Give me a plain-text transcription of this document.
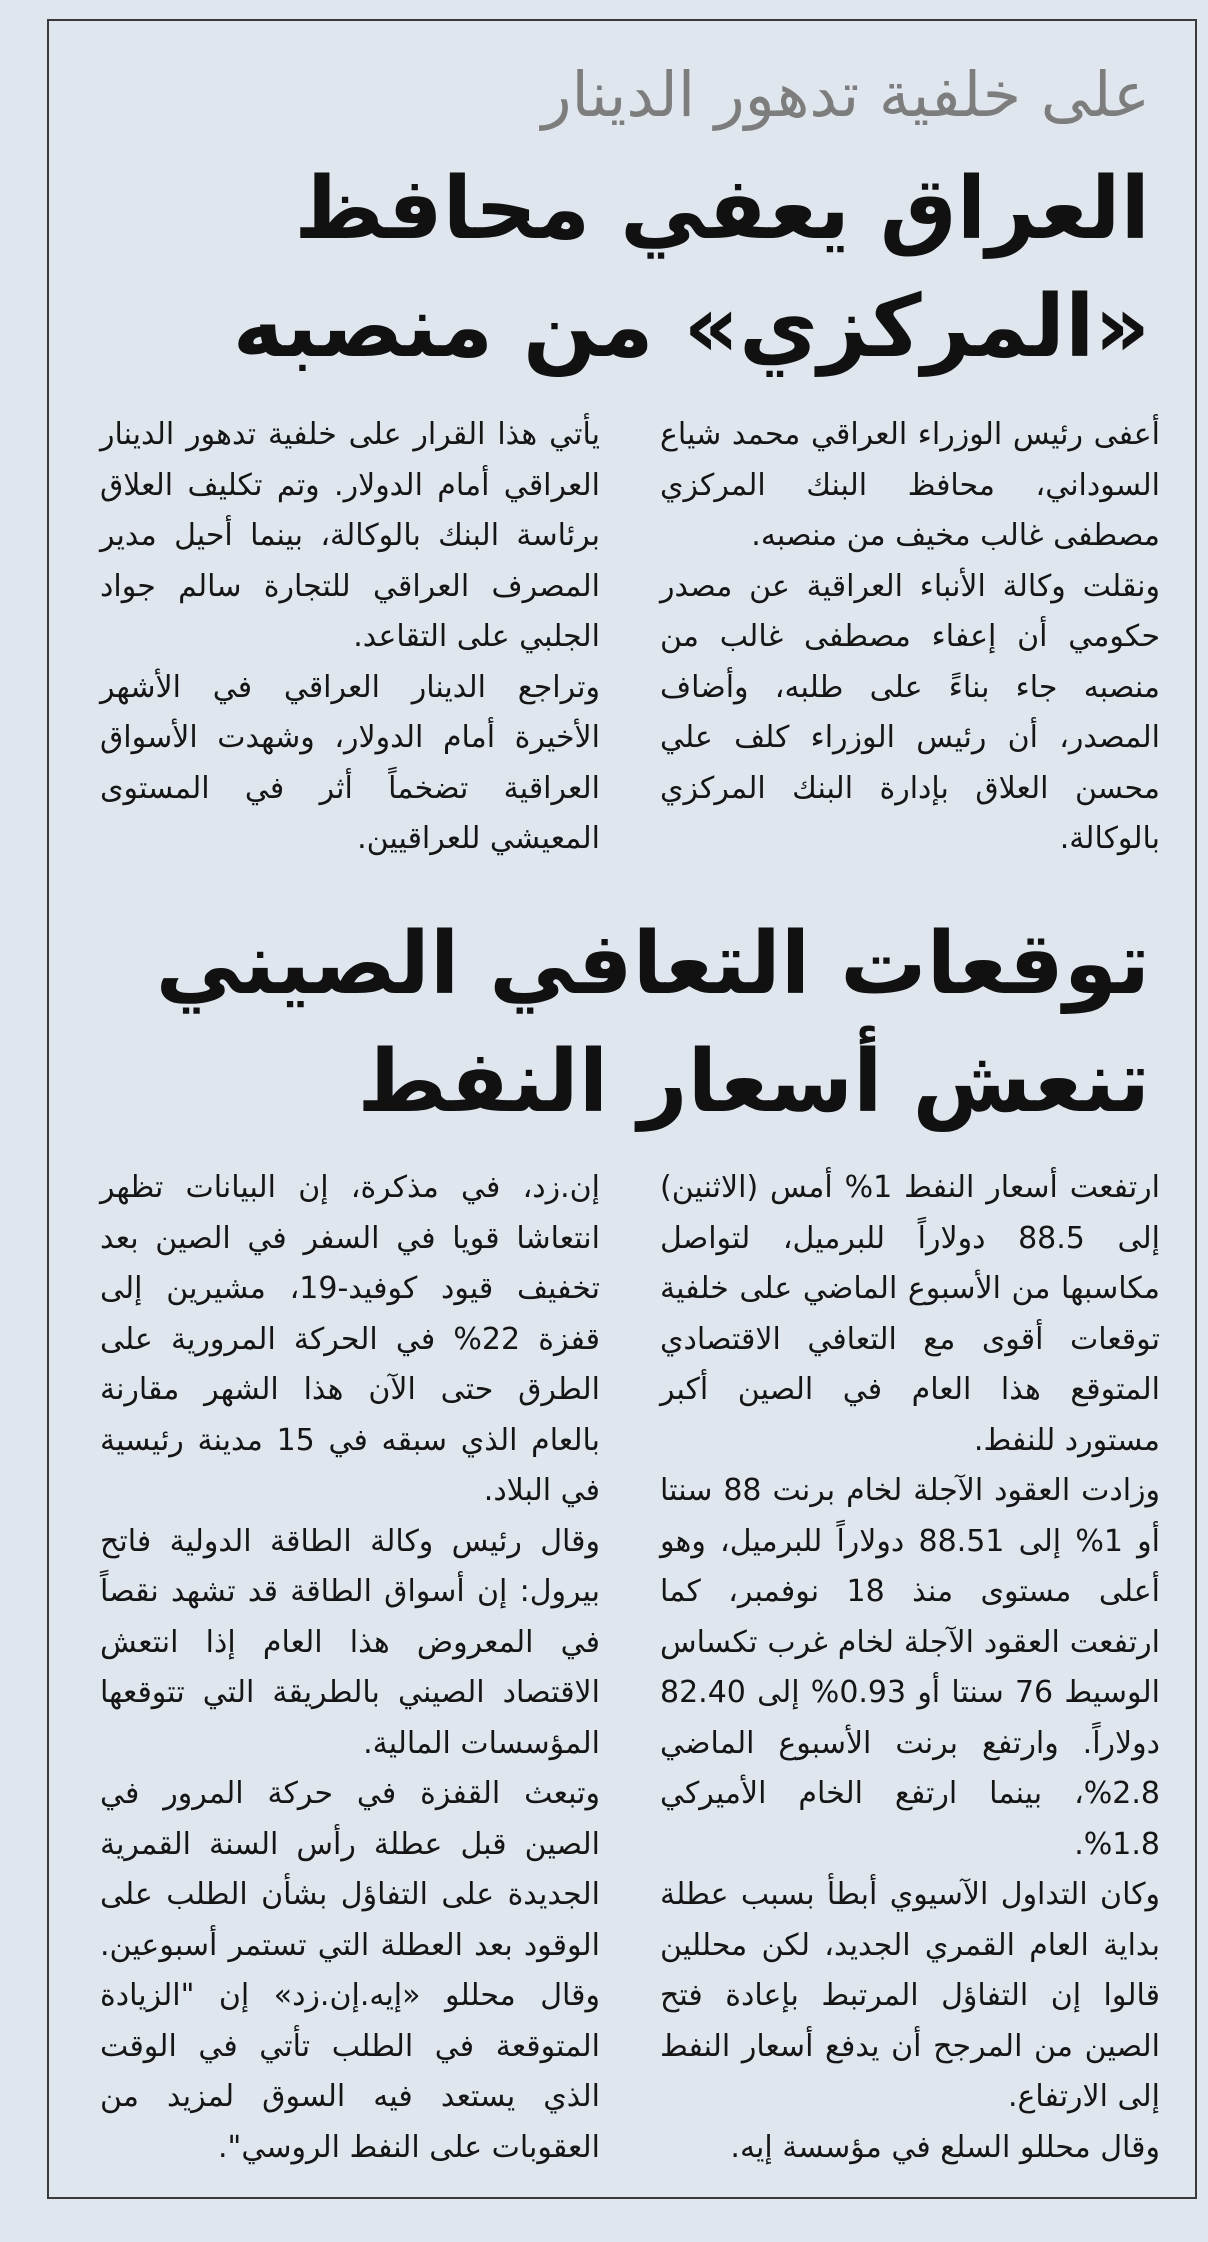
على خلفية تدهور الدينار
العراق يعفي محافظ
«المركزي» من منصبه

أعفى رئيس الوزراء العراقي محمد شياع السوداني، محافظ البنك المركزي مصطفى غالب مخيف من منصبه.

ونقلت وكالة الأنباء العراقية عن مصدر حكومي أن إعفاء مصطفى غالب من منصبه جاء بناءً على طلبه، وأضاف المصدر، أن رئيس الوزراء كلف علي محسن العلاق بإدارة البنك المركزي بالوكالة.

يأتي هذا القرار على خلفية تدهور الدينار العراقي أمام الدولار. وتم تكليف العلاق برئاسة البنك بالوكالة، بينما أحيل مدير المصرف العراقي للتجارة سالم جواد الجلبي على التقاعد.

وتراجع الدينار العراقي في الأشهر الأخيرة أمام الدولار، وشهدت الأسواق العراقية تضخماً أثر في المستوى المعيشي للعراقيين.

توقعات التعافي الصيني
تنعش أسعار النفط

ارتفعت أسعار النفط 1% أمس (الاثنين) إلى 88.5 دولاراً للبرميل، لتواصل مكاسبها من الأسبوع الماضي على خلفية توقعات أقوى مع التعافي الاقتصادي المتوقع هذا العام في الصين أكبر مستورد للنفط.

وزادت العقود الآجلة لخام برنت 88 سنتا أو 1% إلى 88.51 دولاراً للبرميل، وهو أعلى مستوى منذ 18 نوفمبر، كما ارتفعت العقود الآجلة لخام غرب تكساس الوسيط 76 سنتا أو 0.93% إلى 82.40 دولاراً. وارتفع برنت الأسبوع الماضي 2.8%، بينما ارتفع الخام الأميركي 1.8%.

وكان التداول الآسيوي أبطأ بسبب عطلة بداية العام القمري الجديد، لكن محللين قالوا إن التفاؤل المرتبط بإعادة فتح الصين من المرجح أن يدفع أسعار النفط إلى الارتفاع.

وقال محللو السلع في مؤسسة إيه.

إن.زد، في مذكرة، إن البيانات تظهر انتعاشا قويا في السفر في الصين بعد تخفيف قيود كوفيد-19، مشيرين إلى قفزة 22% في الحركة المرورية على الطرق حتى الآن هذا الشهر مقارنة بالعام الذي سبقه في 15 مدينة رئيسية في البلاد.

وقال رئيس وكالة الطاقة الدولية فاتح بيرول: إن أسواق الطاقة قد تشهد نقصاً في المعروض هذا العام إذا انتعش الاقتصاد الصيني بالطريقة التي تتوقعها المؤسسات المالية.

وتبعث القفزة في حركة المرور في الصين قبل عطلة رأس السنة القمرية الجديدة على التفاؤل بشأن الطلب على الوقود بعد العطلة التي تستمر أسبوعين. وقال محللو «إيه.إن.زد» إن "الزيادة المتوقعة في الطلب تأتي في الوقت الذي يستعد فيه السوق لمزيد من العقوبات على النفط الروسي".
